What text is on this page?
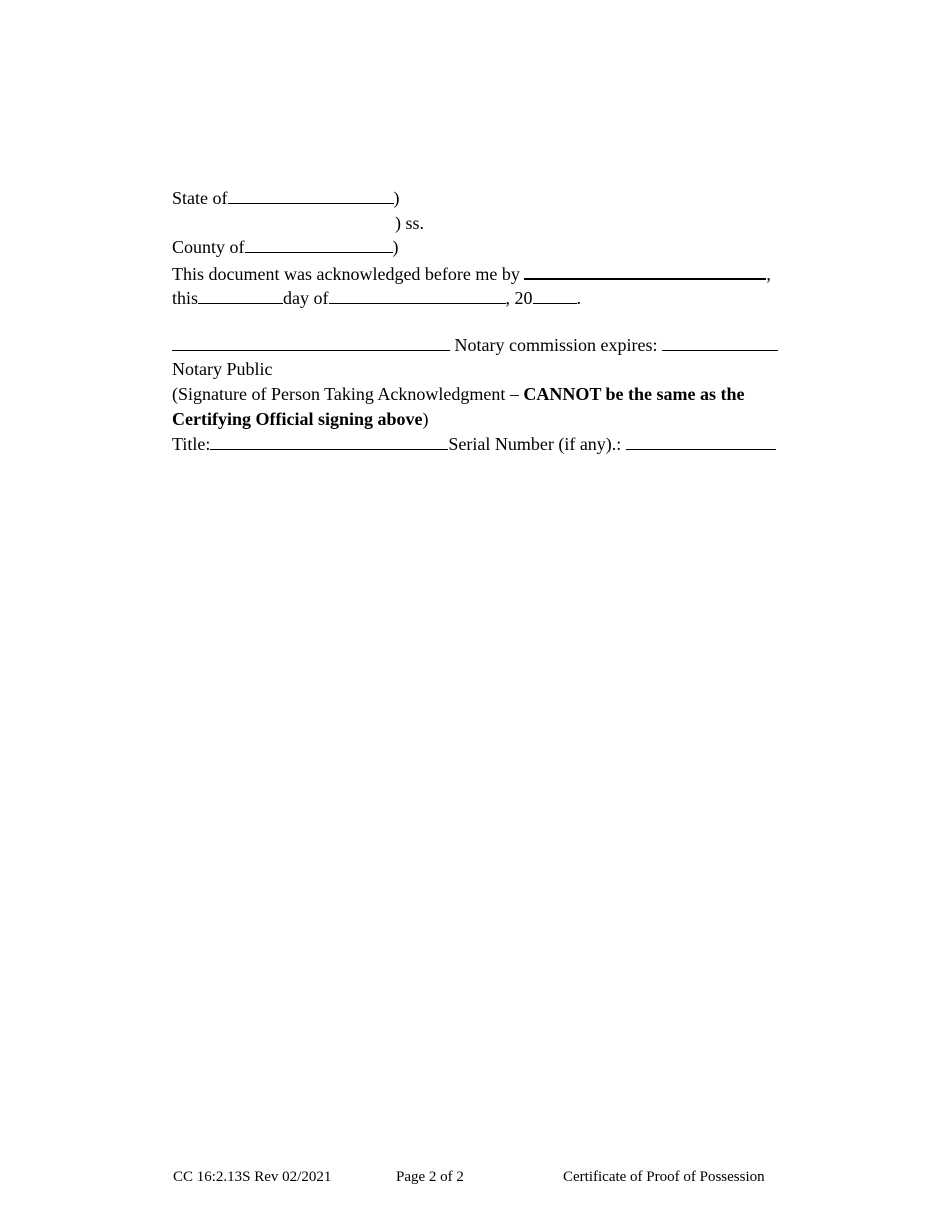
State of	)
) ss.
County of	)
This document was acknowledged before me by	,
this	day of	, 20 .
Notary commission expires:
Notary Public
(Signature of Person Taking Acknowledgment – CANNOT be the same as the
Certifying Official signing above)
Title:	Serial Number (if any).:
CC 16:2.13S Rev 02/2021	Page 2 of 2	Certificate of Proof of Possession
